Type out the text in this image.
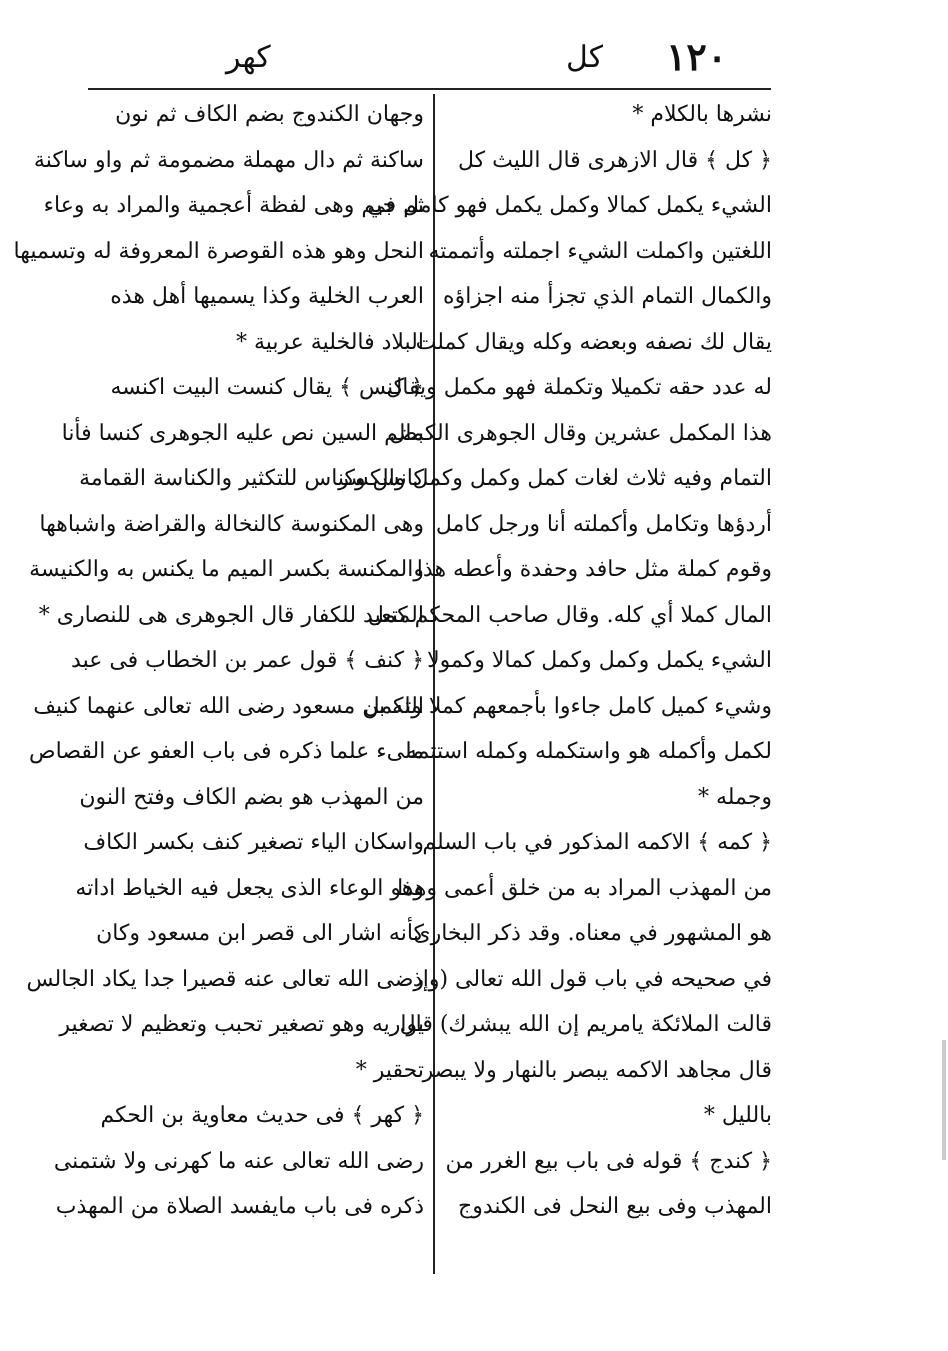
كهر	كل ١٢٠
نشرها بالكلام *
﴿ كل ﴾ قال الازهرى قال الليث كل
الشيء يكمل كمالا وكمل يكمل فهو كامل في
اللغتين واكملت الشيء اجملته وأتممته
والكمال التمام الذي تجزأ منه اجزاؤه
يقال لك نصفه وبعضه وكله ويقال كملت
له عدد حقه تكميلا وتكملة فهو مكمل ويقال
هذا المكمل عشرين وقال الجوهرى الكمال
التمام وفيه ثلاث لغات كمل وكمل وكمل والكسر
أردؤها وتكامل وأكملته أنا ورجل كامل
وقوم كملة مثل حافد وحفدة وأعطه هذا
المال كملا أي كله. وقال صاحب المحكم كمل
الشيء يكمل وكمل وكمل كمالا وكمولا
وشيء كميل كامل جاءوا بأجمعهم كملا وتكمل
لكمل وأكمله هو واستكمله وكمله استتمه
وجمله *
﴿ كمه ﴾ الاكمه المذكور في باب السلم
من المهذب المراد به من خلق أعمى وهذا
هو المشهور في معناه. وقد ذكر البخارى
في صحيحه في باب قول الله تعالى (وإذ
قالت الملائكة يامريم إن الله يبشرك) قال
قال مجاهد الاكمه يبصر بالنهار ولا يبصر
بالليل *
﴿ كندج ﴾ قوله فى باب بيع الغرر من
المهذب وفى بيع النحل فى الكندوج
وجهان الكندوج بضم الكاف ثم نون
ساكنة ثم دال مهملة مضمومة ثم واو ساكنة
ثم جيم وهى لفظة أعجمية والمراد به وعاء
النحل وهو هذه القوصرة المعروفة له وتسميها
العرب الخلية وكذا يسميها أهل هذه
البلاد فالخلية عربية *
﴿ كنس ﴾ يقال كنست البيت اكنسه
بضم السين نص عليه الجوهرى كنسا فأنا
كانس وكناس للتكثير والكناسة القمامة
وهى المكنوسة كالنخالة والقراضة واشباهها
والمكنسة بكسر الميم ما يكنس به والكنيسة
المتعبد للكفار قال الجوهرى هى للنصارى *
﴿ كنف ﴾ قول عمر بن الخطاب فى عبد
الله بن مسعود رضى الله تعالى عنهما كنيف
ملىء علما ذكره فى باب العفو عن القصاص
من المهذب هو بضم الكاف وفتح النون
واسكان الياء تصغير كنف بكسر الكاف
وهو الوعاء الذى يجعل فيه الخياط اداته
كأنه اشار الى قصر ابن مسعود وكان
رضى الله تعالى عنه قصيرا جدا يكاد الجالس
يواريه وهو تصغير تحبب وتعظيم لا تصغير
تحقير *
﴿ كهر ﴾ فى حديث معاوية بن الحكم
رضى الله تعالى عنه ما كهرنى ولا شتمنى
ذكره فى باب مايفسد الصلاة من المهذب
